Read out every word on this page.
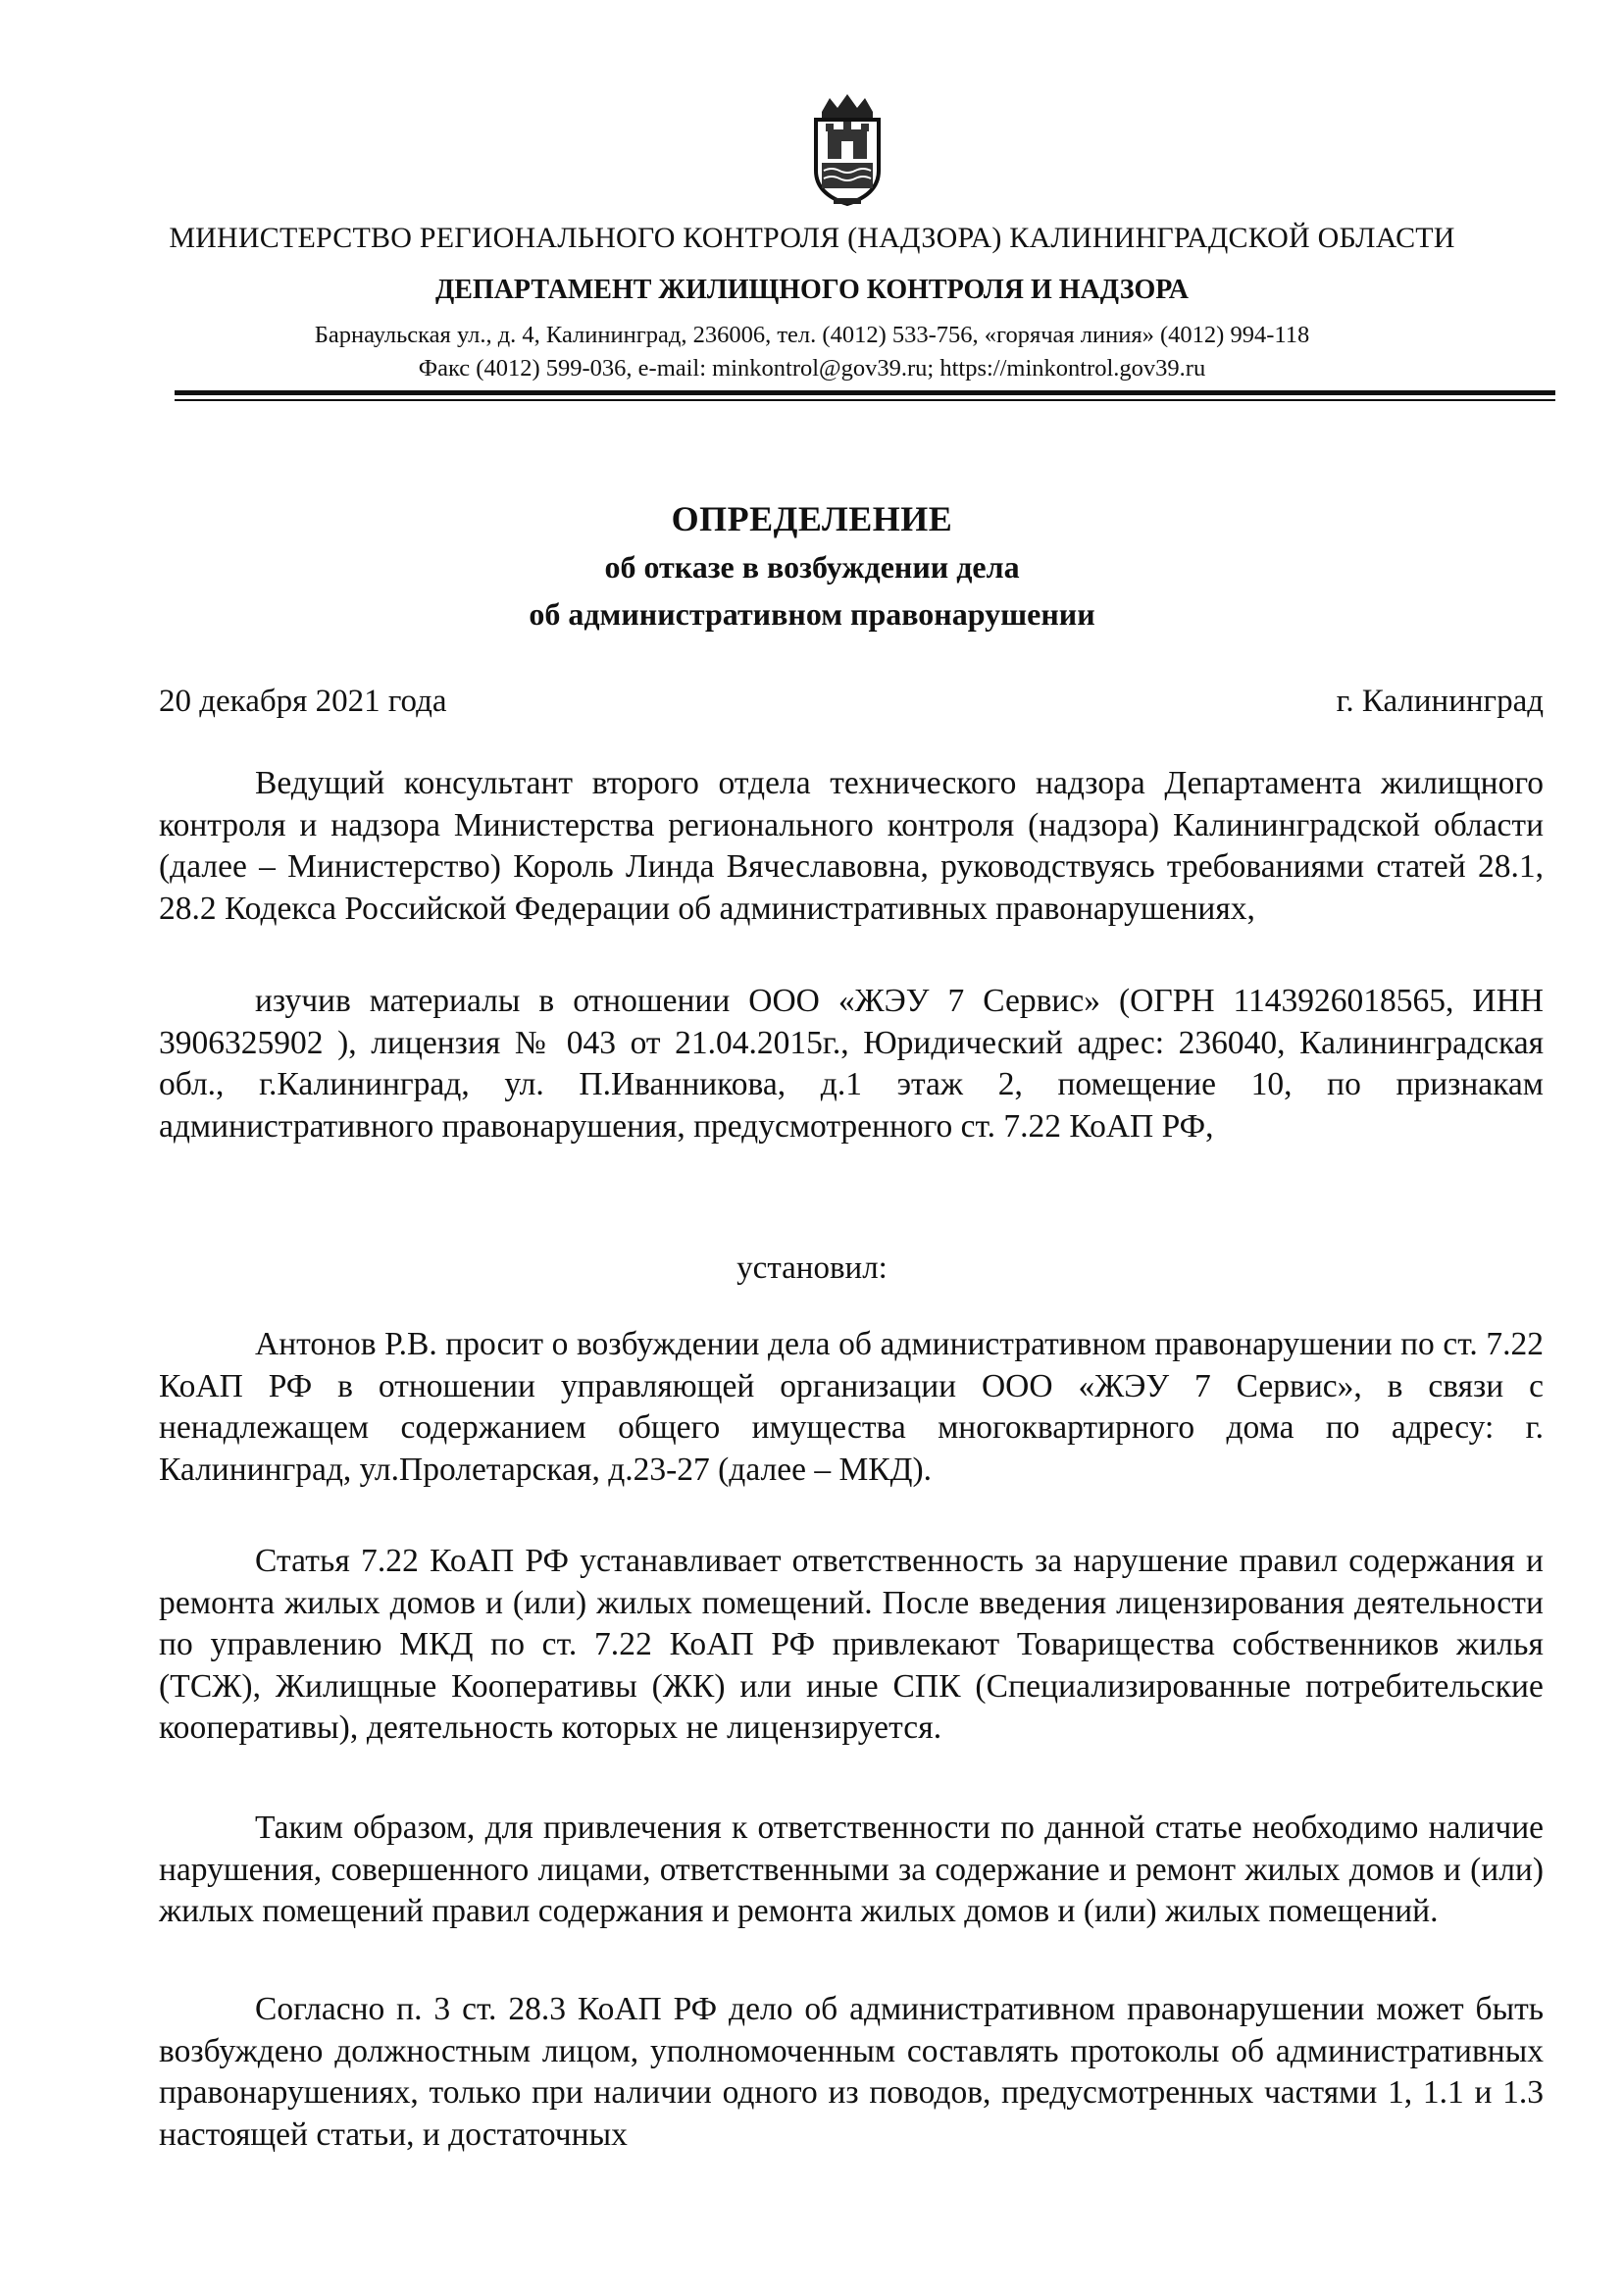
МИНИСТЕРСТВО РЕГИОНАЛЬНОГО КОНТРОЛЯ (НАДЗОРА) КАЛИНИНГРАДСКОЙ ОБЛАСТИ
ДЕПАРТАМЕНТ ЖИЛИЩНОГО КОНТРОЛЯ И НАДЗОРА
Барнаульская ул., д. 4, Калининград, 236006, тел. (4012) 533-756, «горячая линия» (4012) 994-118
Факс (4012) 599-036, e-mail: minkontrol@gov39.ru; https://minkontrol.gov39.ru
ОПРЕДЕЛЕНИЕ
об отказе в возбуждении дела
об административном правонарушении
20 декабря 2021 года	г. Калининград

Ведущий консультант второго отдела технического надзора Департамента жилищного контроля и надзора Министерства регионального контроля (надзора) Калининградской области (далее – Министерство) Король Линда Вячеславовна, руководствуясь требованиями статей 28.1, 28.2 Кодекса Российской Федерации об административных правонарушениях,

изучив материалы в отношении ООО «ЖЭУ 7 Сервис» (ОГРН 1143926018565, ИНН 3906325902 ), лицензия № 043 от 21.04.2015г., Юридический адрес: 236040, Калининградская обл., г.Калининград, ул. П.Иванникова, д.1 этаж 2, помещение 10, по признакам административного правонарушения, предусмотренного ст. 7.22 КоАП РФ,

установил:

Антонов Р.В. просит о возбуждении дела об административном правонарушении по ст. 7.22 КоАП РФ в отношении управляющей организации ООО «ЖЭУ 7 Сервис», в связи с ненадлежащем содержанием общего имущества многоквартирного дома по адресу: г. Калининград, ул.Пролетарская, д.23-27 (далее – МКД).

Статья 7.22 КоАП РФ устанавливает ответственность за нарушение правил содержания и ремонта жилых домов и (или) жилых помещений. После введения лицензирования деятельности по управлению МКД по ст. 7.22 КоАП РФ привлекают Товарищества собственников жилья (ТСЖ), Жилищные Кооперативы (ЖК) или иные СПК (Специализированные потребительские кооперативы), деятельность которых не лицензируется.

Таким образом, для привлечения к ответственности по данной статье необходимо наличие нарушения, совершенного лицами, ответственными за содержание и ремонт жилых домов и (или) жилых помещений правил содержания и ремонта жилых домов и (или) жилых помещений.

Согласно п. 3 ст. 28.3 КоАП РФ дело об административном правонарушении может быть возбуждено должностным лицом, уполномоченным составлять протоколы об административных правонарушениях, только при наличии одного из поводов, предусмотренных частями 1, 1.1 и 1.3 настоящей статьи, и достаточных
